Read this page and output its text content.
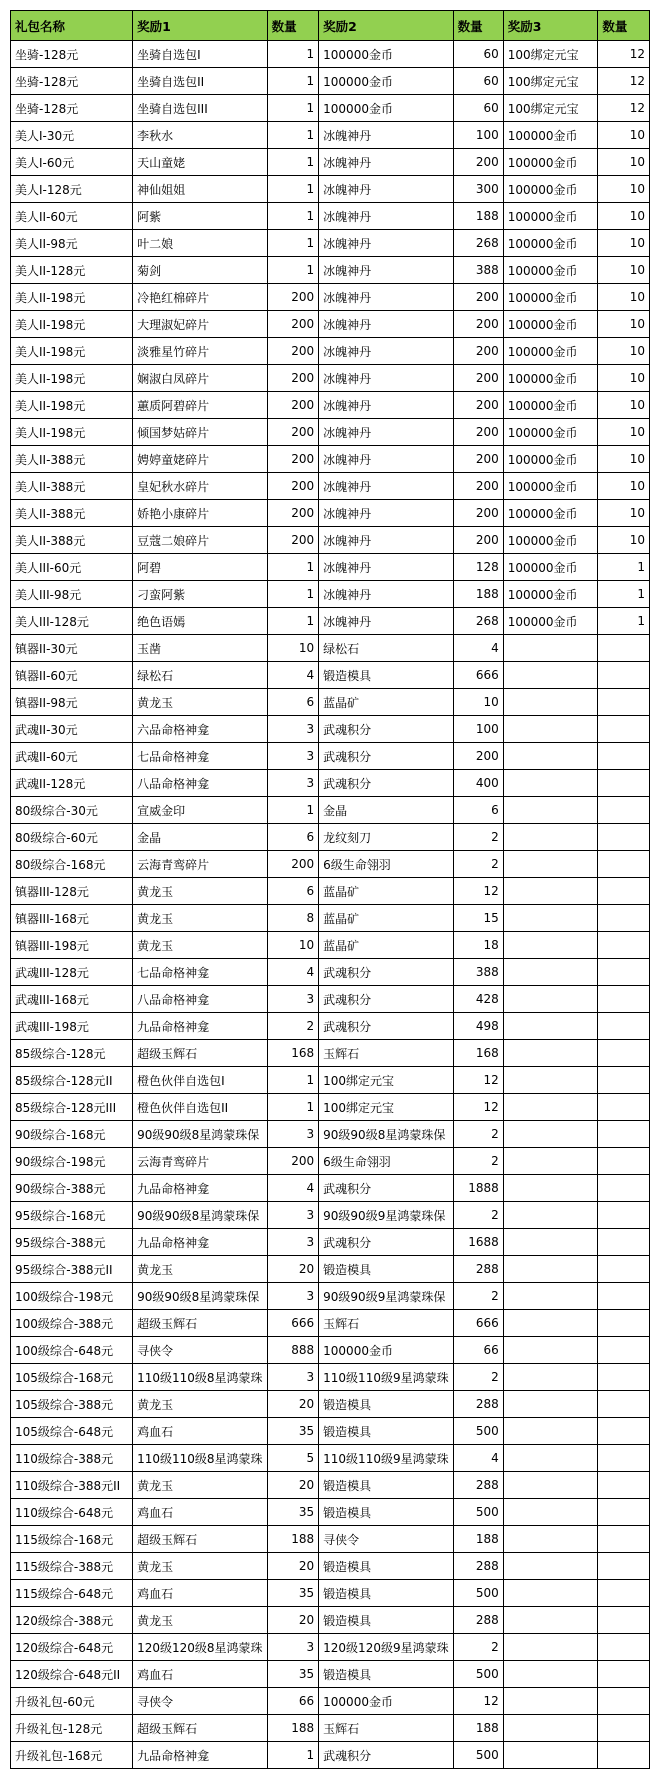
礼包名称	奖励1	数量	奖励2	数量	奖励3	数量
坐骑-128元	坐骑自选包I	1	100000金币	60	100绑定元宝	12
坐骑-128元	坐骑自选包II	1	100000金币	60	100绑定元宝	12
坐骑-128元	坐骑自选包III	1	100000金币	60	100绑定元宝	12
美人I-30元	李秋水	1	冰魄神丹	100	100000金币	10
美人I-60元	天山童姥	1	冰魄神丹	200	100000金币	10
美人I-128元	神仙姐姐	1	冰魄神丹	300	100000金币	10
美人II-60元	阿紫	1	冰魄神丹	188	100000金币	10
美人II-98元	叶二娘	1	冰魄神丹	268	100000金币	10
美人II-128元	菊剑	1	冰魄神丹	388	100000金币	10
美人II-198元	冷艳红棉碎片	200	冰魄神丹	200	100000金币	10
美人II-198元	大理淑妃碎片	200	冰魄神丹	200	100000金币	10
美人II-198元	淡雅星竹碎片	200	冰魄神丹	200	100000金币	10
美人II-198元	娴淑白凤碎片	200	冰魄神丹	200	100000金币	10
美人II-198元	蕙质阿碧碎片	200	冰魄神丹	200	100000金币	10
美人II-198元	倾国梦姑碎片	200	冰魄神丹	200	100000金币	10
美人II-388元	娉婷童姥碎片	200	冰魄神丹	200	100000金币	10
美人II-388元	皇妃秋水碎片	200	冰魄神丹	200	100000金币	10
美人II-388元	娇艳小康碎片	200	冰魄神丹	200	100000金币	10
美人II-388元	豆蔻二娘碎片	200	冰魄神丹	200	100000金币	10
美人III-60元	阿碧	1	冰魄神丹	128	100000金币	1
美人III-98元	刁蛮阿紫	1	冰魄神丹	188	100000金币	1
美人III-128元	绝色语嫣	1	冰魄神丹	268	100000金币	1
镇器II-30元	玉凿	10	绿松石	4		
镇器II-60元	绿松石	4	锻造模具	666		
镇器II-98元	黄龙玉	6	蓝晶矿	10		
武魂II-30元	六品命格神龛	3	武魂积分	100		
武魂II-60元	七品命格神龛	3	武魂积分	200		
武魂II-128元	八品命格神龛	3	武魂积分	400		
80级综合-30元	宣威金印	1	金晶	6		
80级综合-60元	金晶	6	龙纹刻刀	2		
80级综合-168元	云海青鸾碎片	200	6级生命翎羽	2		
镇器III-128元	黄龙玉	6	蓝晶矿	12		
镇器III-168元	黄龙玉	8	蓝晶矿	15		
镇器III-198元	黄龙玉	10	蓝晶矿	18		
武魂III-128元	七品命格神龛	4	武魂积分	388		
武魂III-168元	八品命格神龛	3	武魂积分	428		
武魂III-198元	九品命格神龛	2	武魂积分	498		
85级综合-128元	超级玉辉石	168	玉辉石	168		
85级综合-128元II	橙色伙伴自选包I	1	100绑定元宝	12		
85级综合-128元III	橙色伙伴自选包II	1	100绑定元宝	12		
90级综合-168元	90级90级8星鸿蒙珠保	3	90级90级8星鸿蒙珠保	2		
90级综合-198元	云海青鸾碎片	200	6级生命翎羽	2		
90级综合-388元	九品命格神龛	4	武魂积分	1888		
95级综合-168元	90级90级8星鸿蒙珠保	3	90级90级9星鸿蒙珠保	2		
95级综合-388元	九品命格神龛	3	武魂积分	1688		
95级综合-388元II	黄龙玉	20	锻造模具	288		
100级综合-198元	90级90级8星鸿蒙珠保	3	90级90级9星鸿蒙珠保	2		
100级综合-388元	超级玉辉石	666	玉辉石	666		
100级综合-648元	寻侠令	888	100000金币	66		
105级综合-168元	110级110级8星鸿蒙珠	3	110级110级9星鸿蒙珠	2		
105级综合-388元	黄龙玉	20	锻造模具	288		
105级综合-648元	鸡血石	35	锻造模具	500		
110级综合-388元	110级110级8星鸿蒙珠	5	110级110级9星鸿蒙珠	4		
110级综合-388元II	黄龙玉	20	锻造模具	288		
110级综合-648元	鸡血石	35	锻造模具	500		
115级综合-168元	超级玉辉石	188	寻侠令	188		
115级综合-388元	黄龙玉	20	锻造模具	288		
115级综合-648元	鸡血石	35	锻造模具	500		
120级综合-388元	黄龙玉	20	锻造模具	288		
120级综合-648元	120级120级8星鸿蒙珠	3	120级120级9星鸿蒙珠	2		
120级综合-648元II	鸡血石	35	锻造模具	500		
升级礼包-60元	寻侠令	66	100000金币	12		
升级礼包-128元	超级玉辉石	188	玉辉石	188		
升级礼包-168元	九品命格神龛	1	武魂积分	500		
